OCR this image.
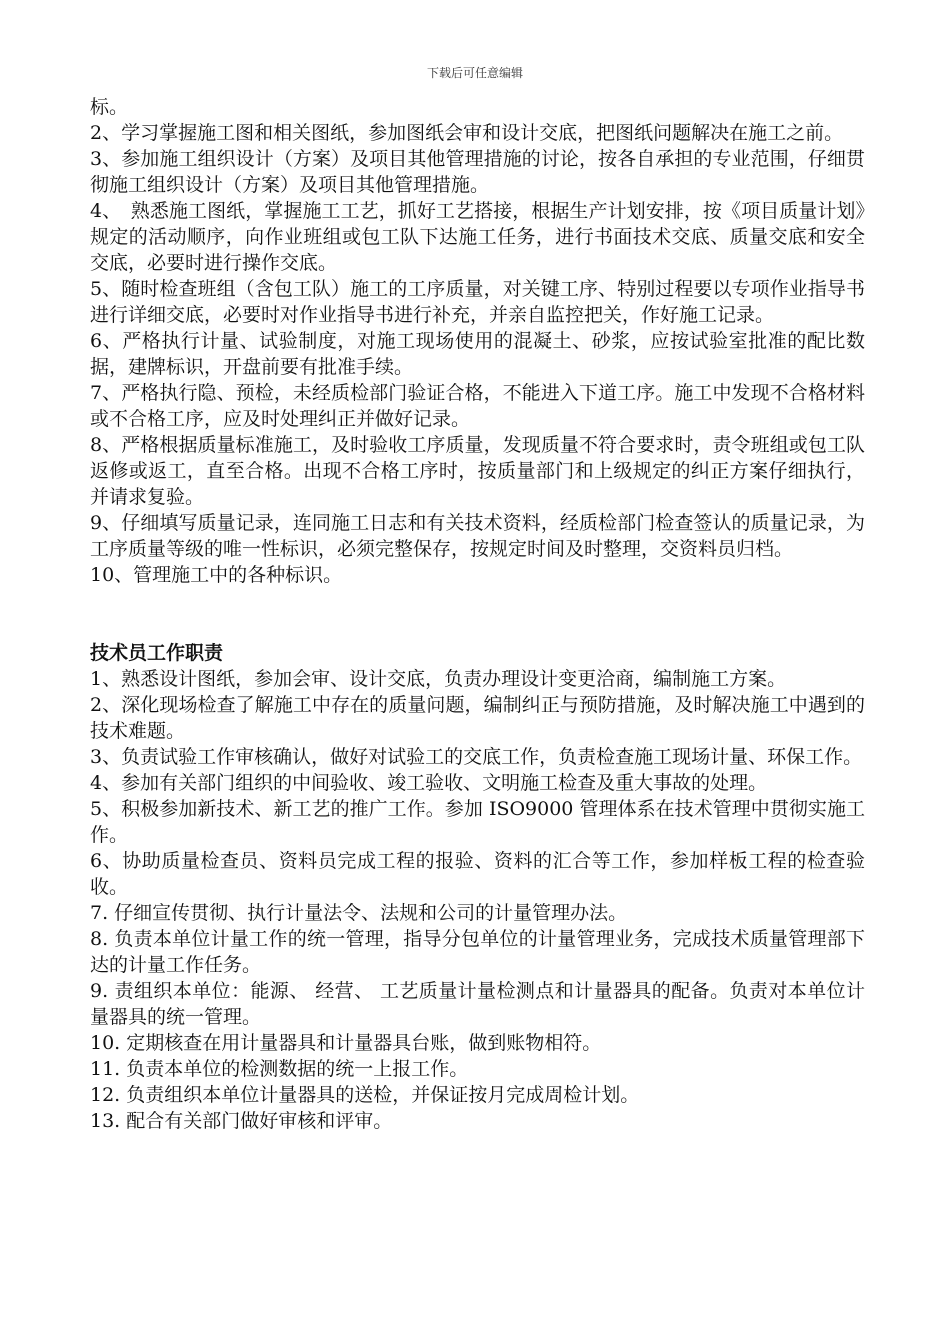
下载后可任意编辑

标。

2、学习掌握施工图和相关图纸，参加图纸会审和设计交底，把图纸问题解决在施工之前。

3、参加施工组织设计（方案）及项目其他管理措施的讨论，按各自承担的专业范围，仔细贯彻施工组织设计（方案）及项目其他管理措施。

4、　熟悉施工图纸，掌握施工工艺，抓好工艺搭接，根据生产计划安排，按《项目质量计划》规定的活动顺序，向作业班组或包工队下达施工任务，进行书面技术交底、质量交底和安全交底，必要时进行操作交底。

5、随时检查班组（含包工队）施工的工序质量，对关键工序、特别过程要以专项作业指导书进行详细交底，必要时对作业指导书进行补充，并亲自监控把关，作好施工记录。

6、严格执行计量、试验制度，对施工现场使用的混凝土、砂浆，应按试验室批准的配比数据，建牌标识，开盘前要有批准手续。

7、严格执行隐、预检，未经质检部门验证合格，不能进入下道工序。施工中发现不合格材料或不合格工序，应及时处理纠正并做好记录。

8、严格根据质量标准施工，及时验收工序质量，发现质量不符合要求时，责令班组或包工队返修或返工，直至合格。出现不合格工序时，按质量部门和上级规定的纠正方案仔细执行，并请求复验。

9、仔细填写质量记录，连同施工日志和有关技术资料，经质检部门检查签认的质量记录，为工序质量等级的唯一性标识，必须完整保存，按规定时间及时整理，交资料员归档。

10、管理施工中的各种标识。

技术员工作职责

1、熟悉设计图纸，参加会审、设计交底，负责办理设计变更洽商，编制施工方案。

2、深化现场检查了解施工中存在的质量问题，编制纠正与预防措施，及时解决施工中遇到的技术难题。

3、负责试验工作审核确认，做好对试验工的交底工作，负责检查施工现场计量、环保工作。

4、参加有关部门组织的中间验收、竣工验收、文明施工检查及重大事故的处理。

5、积极参加新技术、新工艺的推广工作。参加 ISO9000 管理体系在技术管理中贯彻实施工作。

6、协助质量检查员、资料员完成工程的报验、资料的汇合等工作，参加样板工程的检查验收。

7. 仔细宣传贯彻、执行计量法令、法规和公司的计量管理办法。

8. 负责本单位计量工作的统一管理，指导分包单位的计量管理业务，完成技术质量管理部下达的计量工作任务。

9. 责组织本单位：能源、 经营、 工艺质量计量检测点和计量器具的配备。负责对本单位计量器具的统一管理。

10. 定期核查在用计量器具和计量器具台账，做到账物相符。

11. 负责本单位的检测数据的统一上报工作。

12. 负责组织本单位计量器具的送检，并保证按月完成周检计划。

13. 配合有关部门做好审核和评审。
